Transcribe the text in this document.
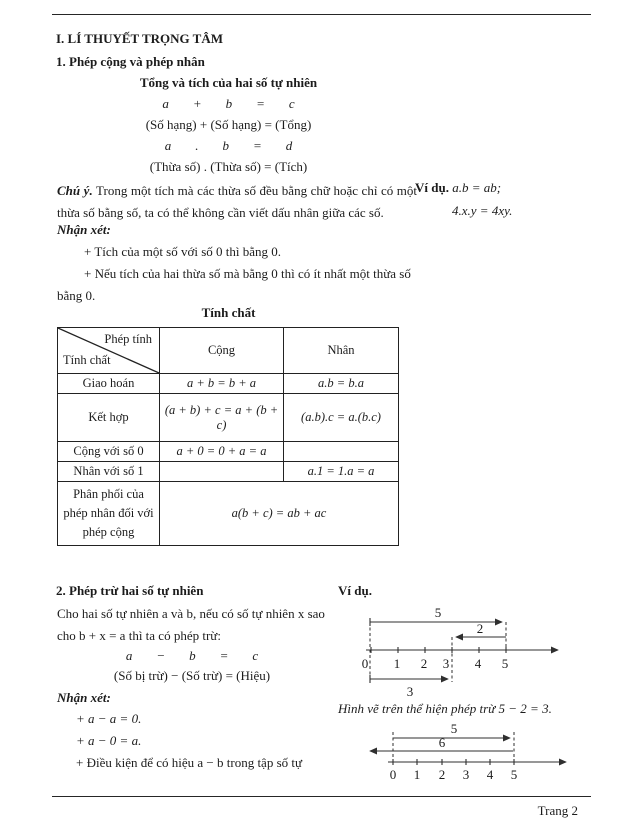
I. LÍ THUYẾT TRỌNG TÂM
1. Phép cộng và phép nhân
Tổng và tích của hai số tự nhiên
a + b = c
(Số hạng) + (Số hạng) = (Tổng)
a . b = d
(Thừa số) . (Thừa số) = (Tích)
Chú ý. Trong một tích mà các thừa số đều bằng chữ hoặc chỉ có một thừa số bằng số, ta có thể không cần viết dấu nhân giữa các số.
Ví dụ. a.b = ab;
4.x.y = 4xy.
Nhận xét:
+ Tích của một số với số 0 thì bằng 0.
+ Nếu tích của hai thừa số mà bằng 0 thì có ít nhất một thừa số
bằng 0.
Tính chất
Phép tính
Tính chất	Cộng	Nhân
Giao hoán	a + b = b + a	a.b = b.a
Kết hợp	(a + b) + c = a + (b + c)	(a.b).c = a.(b.c)
Cộng với số 0	a + 0 = 0 + a = a	
Nhân với số 1		a.1 = 1.a = a
Phân phối của phép nhân đối với phép cộng	a(b + c) = ab + ac	
2. Phép trừ hai số tự nhiên	Ví dụ.
Cho hai số tự nhiên a và b, nếu có số tự nhiên x sao
cho b + x = a thì ta có phép trừ:
a − b = c
(Số bị trừ) − (Số trừ) = (Hiệu)
Nhận xét:
+ a − a = 0.
+ a − 0 = a.
+ Điều kiện để có hiệu a − b trong tập số tự
5
2
0 1 2 3 4 5
3
Hình vẽ trên thể hiện phép trừ 5 − 2 = 3.
5
6
0 1 2 3 4 5
Trang 2
